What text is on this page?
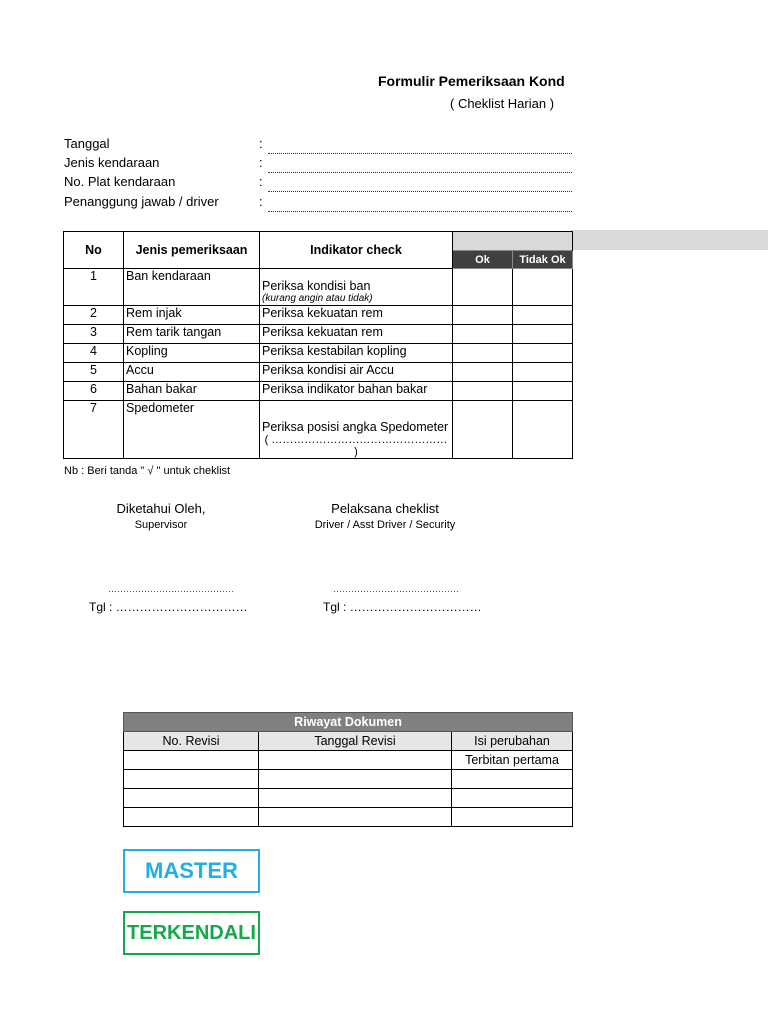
Formulir Pemeriksaan Kond
( Cheklist Harian )
Tanggal	:
Jenis kendaraan	:
No. Plat kendaraan	:
Penanggung jawab / driver	:
No	Jenis pemeriksaan	Indikator check		
			Ok	Tidak Ok
1	Ban kendaraan	Periksa kondisi ban
(kurang angin atau tidak)		

2	Rem injak	Periksa kekuatan rem		
3	Rem tarik tangan	Periksa kekuatan rem		
4	Kopling	Periksa kestabilan kopling		
5	Accu	Periksa kondisi air Accu		
6	Bahan bakar	Periksa indikator bahan bakar		
7	Spedometer	Periksa posisi angka Spedometer
( ………………………………………… )		

Nb : Beri tanda " √ " untuk cheklist
Diketahui Oleh,
Supervisor
……………………………………
Tgl : ……………………………
Pelaksana cheklist
Driver / Asst Driver / Security
……………………………………
Tgl : ……………………………
Riwayat Dokumen		
No. Revisi	Tanggal Revisi	Isi perubahan
		Terbitan pertama

MASTER
TERKENDALI
